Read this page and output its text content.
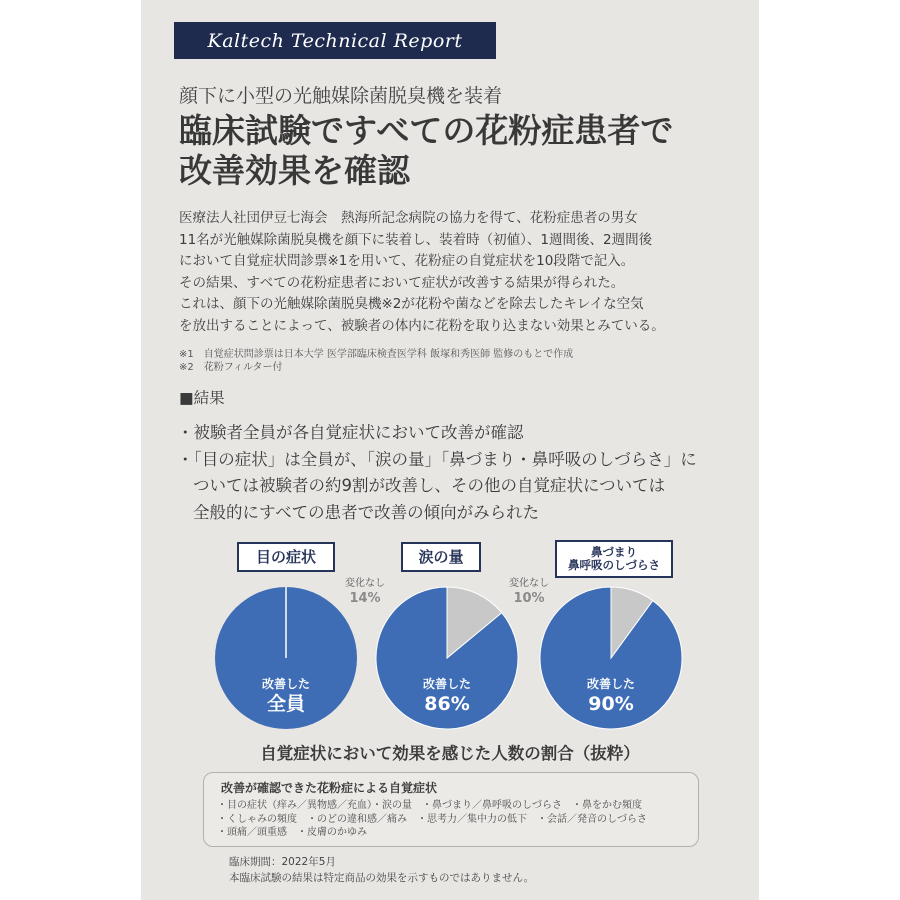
Kaltech Technical Report
顔下に小型の光触媒除菌脱臭機を装着
臨床試験ですべての花粉症患者で
改善効果を確認
医療法人社団伊豆七海会　熱海所記念病院の協力を得て、花粉症患者の男女
11名が光触媒除菌脱臭機を顔下に装着し、装着時（初値）、1週間後、2週間後
において自覚症状問診票※1を用いて、花粉症の自覚症状を10段階で記入。
その結果、すべての花粉症患者において症状が改善する結果が得られた。
これは、顔下の光触媒除菌脱臭機※2が花粉や菌などを除去したキレイな空気
を放出することによって、被験者の体内に花粉を取り込まない効果とみている。
※1　自覚症状問診票は日本大学 医学部臨床検査医学科 飯塚和秀医師 監修のもとで作成
※2　花粉フィルター付
■結果
・被験者全員が各自覚症状において改善が確認
・「目の症状」は全員が、「涙の量」「鼻づまり・鼻呼吸のしづらさ」に
ついては被験者の約9割が改善し、その他の自覚症状については
全般的にすべての患者で改善の傾向がみられた
改善した
全員
変化なし
14%
改善した
86%
変化なし
10%
改善した
90%
目の症状	涙の量	鼻づまり
鼻呼吸のしづらさ
自覚症状において効果を感じた人数の割合（抜粋）
改善が確認できた花粉症による自覚症状
・目の症状（痒み／異物感／充血）・涙の量　・鼻づまり／鼻呼吸のしづらさ　・鼻をかむ頻度
・くしゃみの頻度　・のどの違和感／痛み　・思考力／集中力の低下　・会話／発音のしづらさ
・頭痛／頭重感　・皮膚のかゆみ
臨床期間：2022年5月
本臨床試験の結果は特定商品の効果を示すものではありません。
